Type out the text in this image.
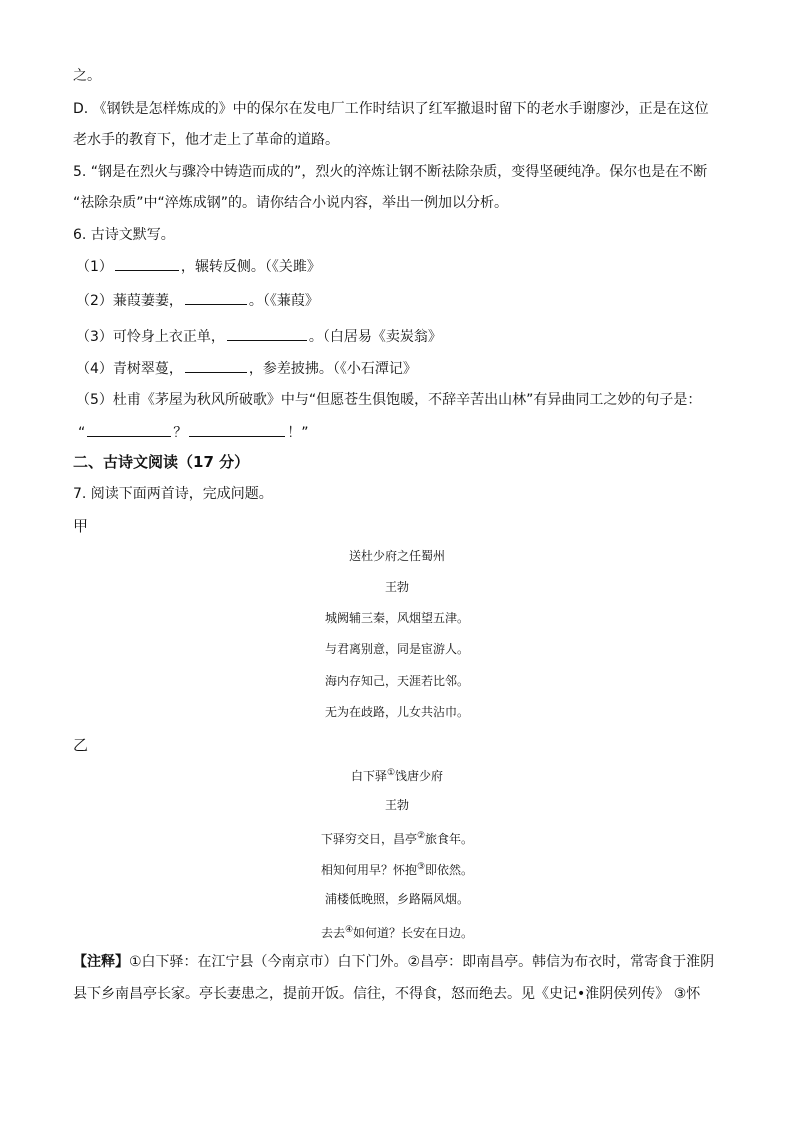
之。
D. 《钢铁是怎样炼成的》中的保尔在发电厂工作时结识了红军撤退时留下的老水手谢廖沙，正是在这位
老水手的教育下，他才走上了革命的道路。
5. “钢是在烈火与骤冷中铸造而成的”，烈火的淬炼让钢不断祛除杂质，变得坚硬纯净。保尔也是在不断
“祛除杂质”中“淬炼成钢”的。请你结合小说内容，举出一例加以分析。
6. 古诗文默写。
（1）	，辗转反侧。（《关雎》
（2）蒹葭萋萋，	。（《蒹葭》
（3）可怜身上衣正单，	。（白居易《卖炭翁》
（4）青树翠蔓，	，参差披拂。（《小石潭记》
（5）杜甫《茅屋为秋风所破歌》中与“但愿苍生俱饱暖，不辞辛苦出山林”有异曲同工之妙的句子是：
“	？	！”
二、古诗文阅读（17 分）
7. 阅读下面两首诗，完成问题。
甲
送杜少府之任蜀州
王勃
城阙辅三秦，风烟望五津。
与君离别意，同是宦游人。
海内存知己，天涯若比邻。
无为在歧路，儿女共沾巾。
乙
白下驿①饯唐少府
王勃
下驿穷交日，昌亭②旅食年。
相知何用早？怀抱③即依然。
浦楼低晚照，乡路隔风烟。
去去④如何道？长安在日边。
【注释】①白下驿：在江宁县（今南京市）白下门外。②昌亭：即南昌亭。韩信为布衣时，常寄食于淮阴
县下乡南昌亭长家。亭长妻患之，提前开饭。信往，不得食，怒而绝去。见《史记•淮阴侯列传》 ③怀
